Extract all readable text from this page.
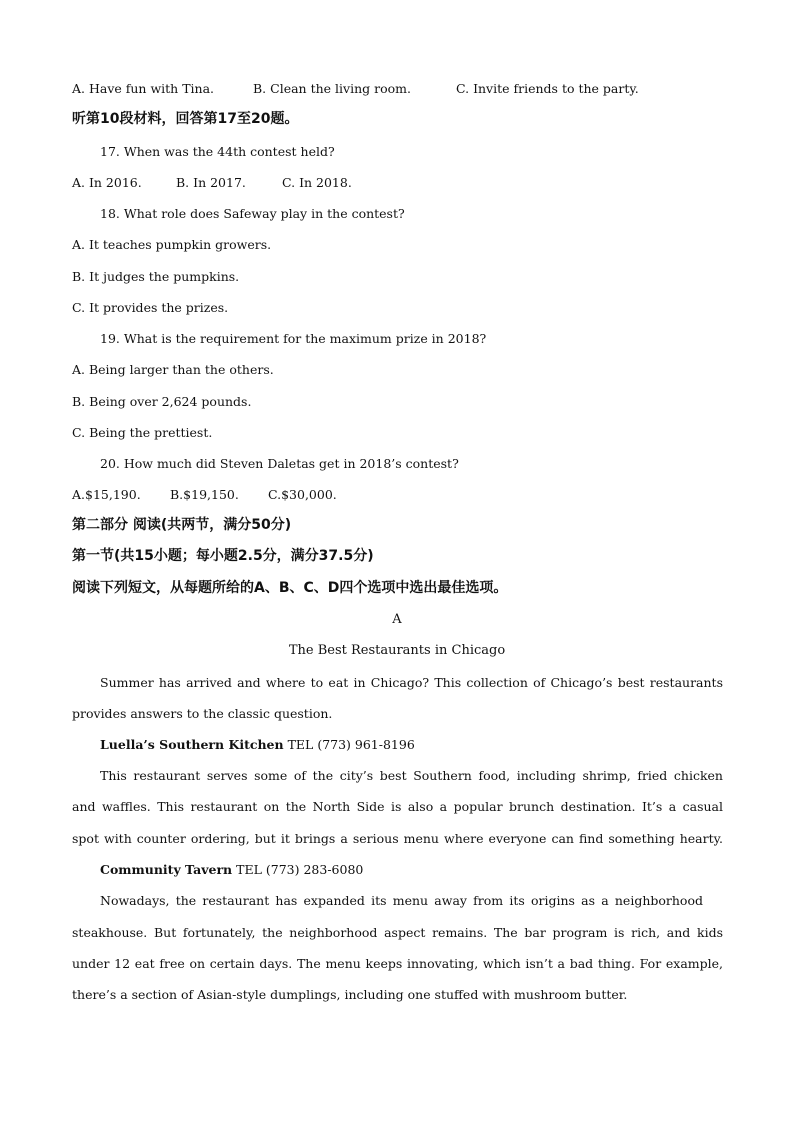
A. Have fun with Tina.	B. Clean the living room.	C. Invite friends to the party.
听第10段材料，回答第17至20题。
17. When was the 44th contest held?
A. In 2016.	B. In 2017.	C. In 2018.
18. What role does Safeway play in the contest?
A. It teaches pumpkin growers.
B. It judges the pumpkins.
C. It provides the prizes.
19. What is the requirement for the maximum prize in 2018?
A. Being larger than the others.
B. Being over 2,624 pounds.
C. Being the prettiest.
20. How much did Steven Daletas get in 2018’s contest?
A.$15,190. B.$19,150. C.$30,000.
第二部分 阅读(共两节，满分50分)
第一节(共15小题；每小题2.5分，满分37.5分)
阅读下列短文，从每题所给的A、B、C、D四个选项中选出最佳选项。
A
The Best Restaurants in Chicago
Summer has arrived and where to eat in Chicago? This collection of Chicago’s best restaurants
provides answers to the classic question.
Luella’s Southern Kitchen TEL (773) 961-8196
This restaurant serves some of the city’s best Southern food, including shrimp, fried chicken
and waffles. This restaurant on the North Side is also a popular brunch destination. It’s a casual
spot with counter ordering, but it brings a serious menu where everyone can find something hearty.
Community Tavern TEL (773) 283-6080
Nowadays, the restaurant has expanded its menu away from its origins as a neighborhood
steakhouse. But fortunately, the neighborhood aspect remains. The bar program is rich, and kids
under 12 eat free on certain days. The menu keeps innovating, which isn’t a bad thing. For example,
there’s a section of Asian-style dumplings, including one stuffed with mushroom butter.
